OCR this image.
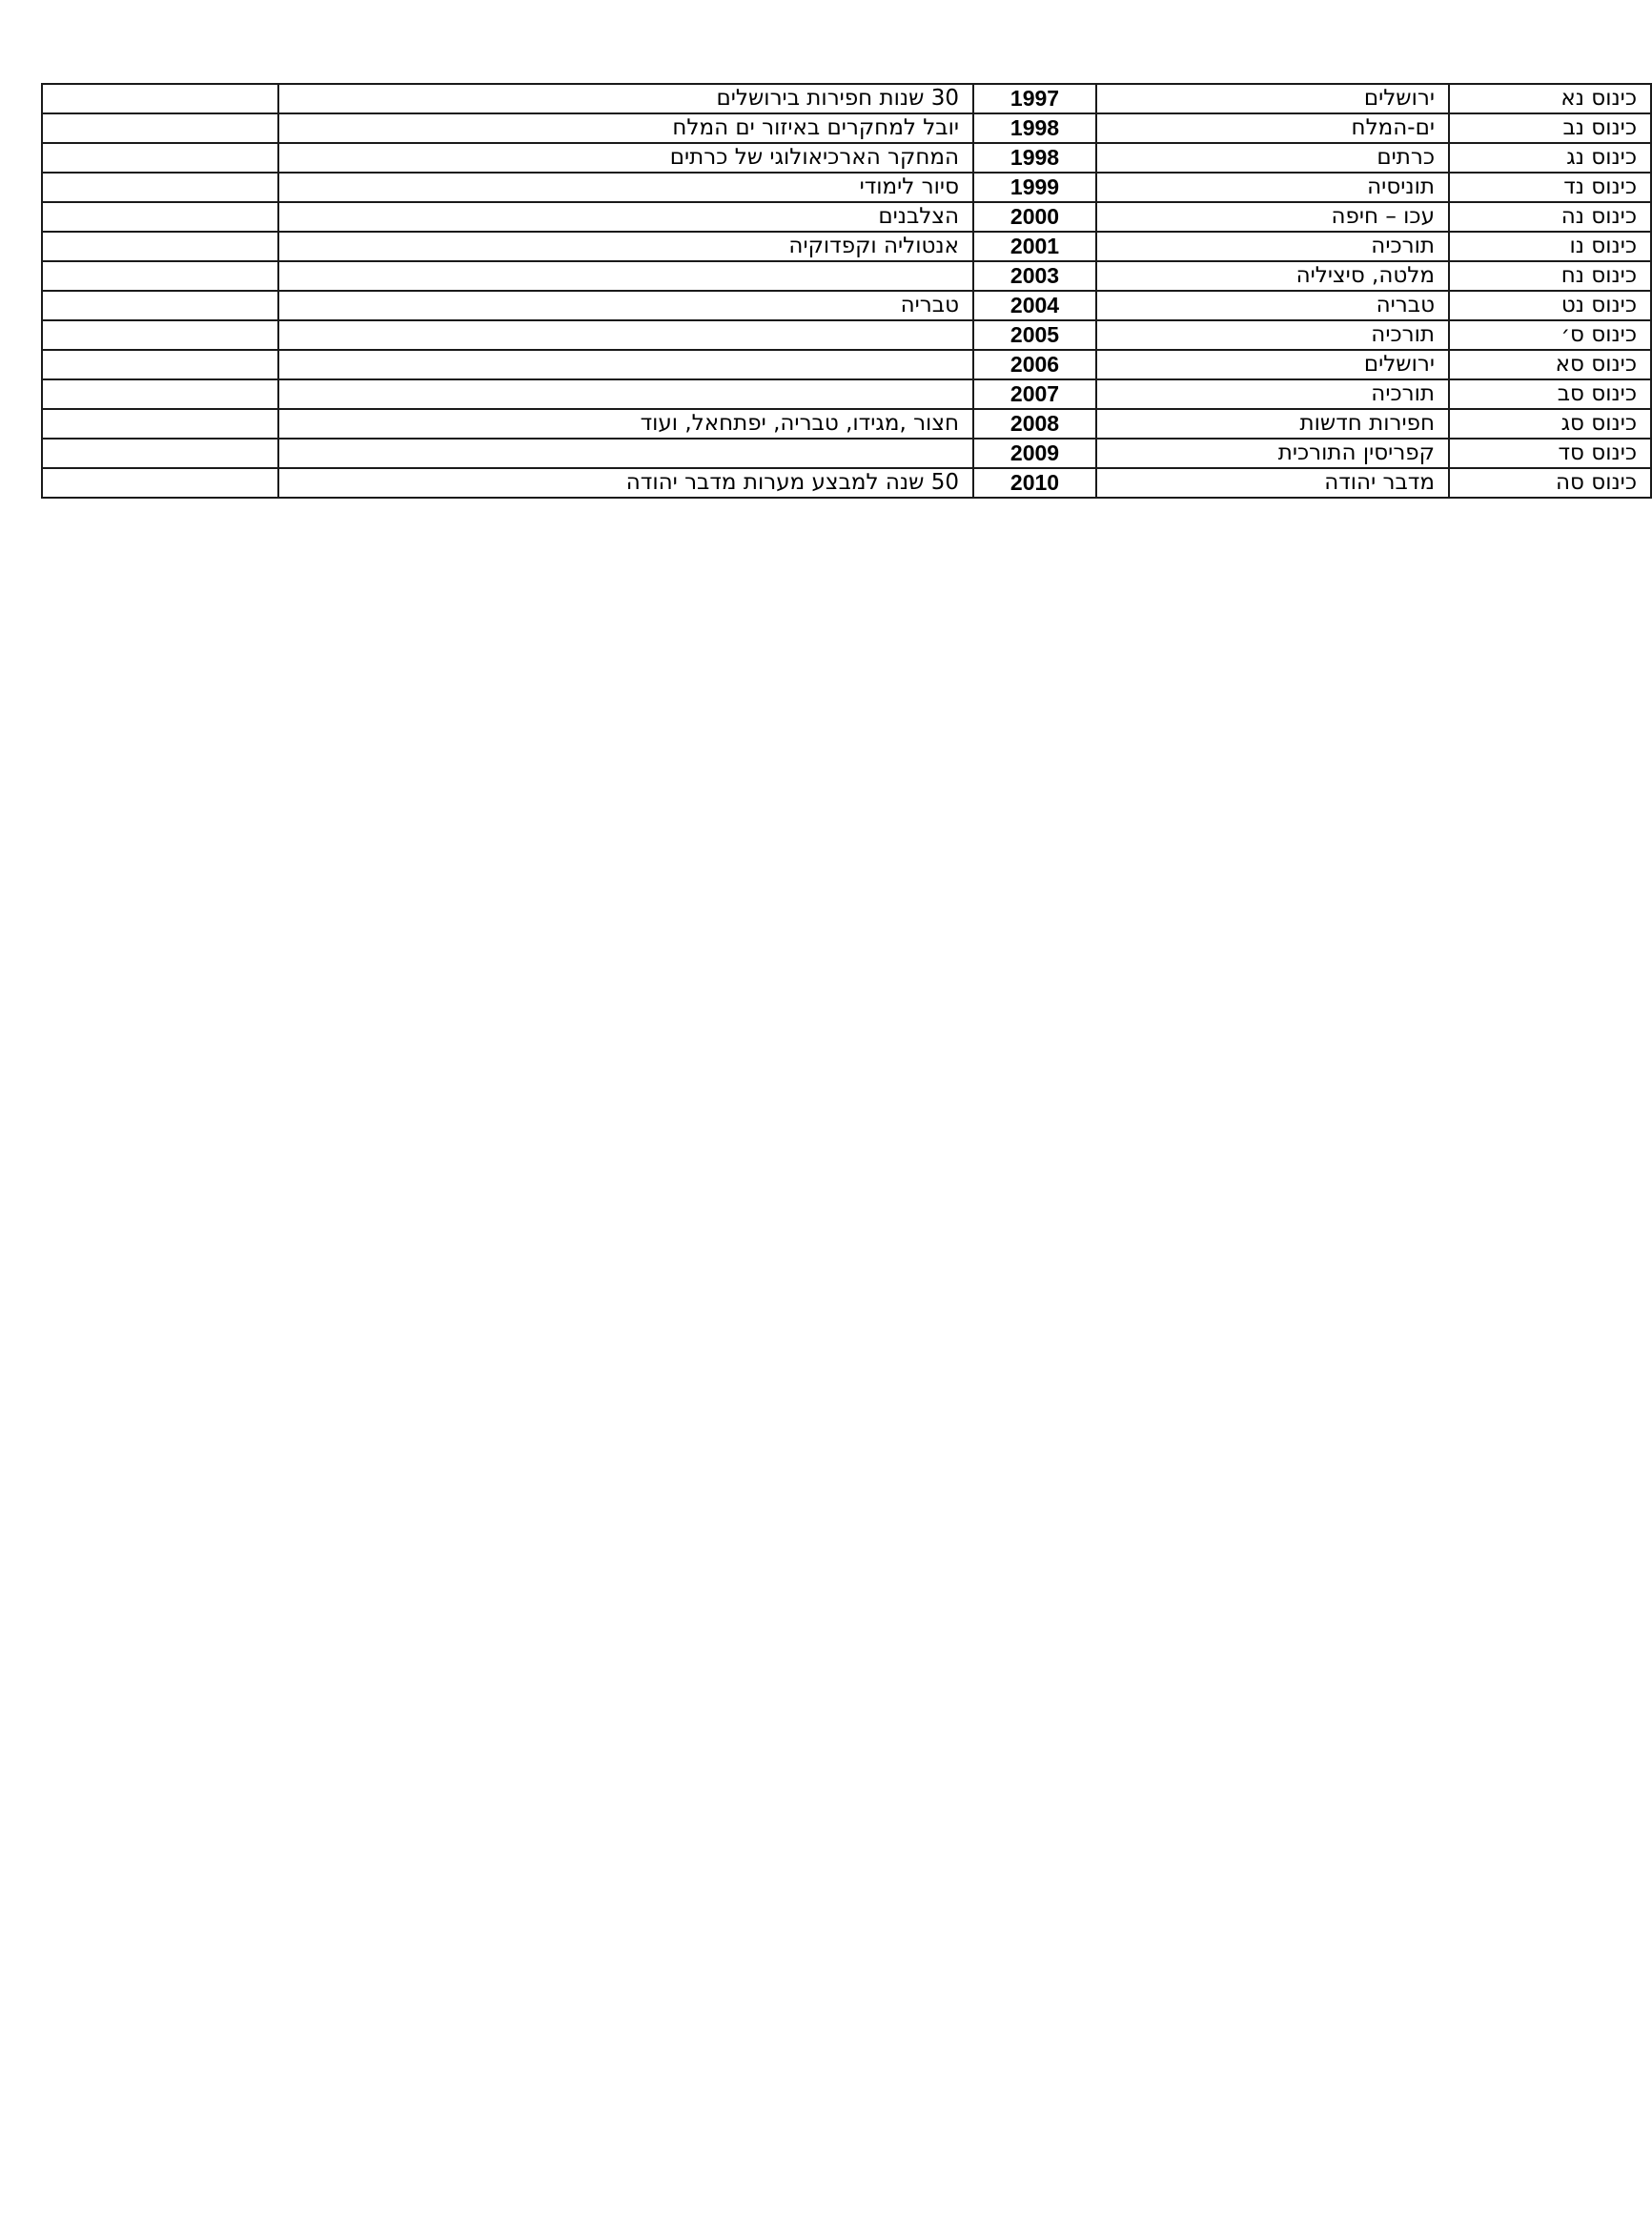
כינוס נא	ירושלים	1997	30 שנות חפירות בירושלים	
כינוס נב	ים-המלח	1998	יובל למחקרים באיזור ים המלח	
כינוס נג	כרתים	1998	המחקר הארכיאולוגי של כרתים	
כינוס נד	תוניסיה	1999	סיור לימודי	
כינוס נה	עכו – חיפה	2000	הצלבנים	
כינוס נו	תורכיה	2001	אנטוליה וקפדוקיה	
כינוס נח	מלטה, סיציליה	2003		
כינוס נט	טבריה	2004	טבריה	
כינוס ס׳	תורכיה	2005		
כינוס סא	ירושלים	2006		
כינוס סב	תורכיה	2007		
כינוס סג	חפירות חדשות	2008	חצור ,מגידו, טבריה, יפתחאל, ועוד	
כינוס סד	קפריסין התורכית	2009		
כינוס סה	מדבר יהודה	2010	50 שנה למבצע מערות מדבר יהודה	
